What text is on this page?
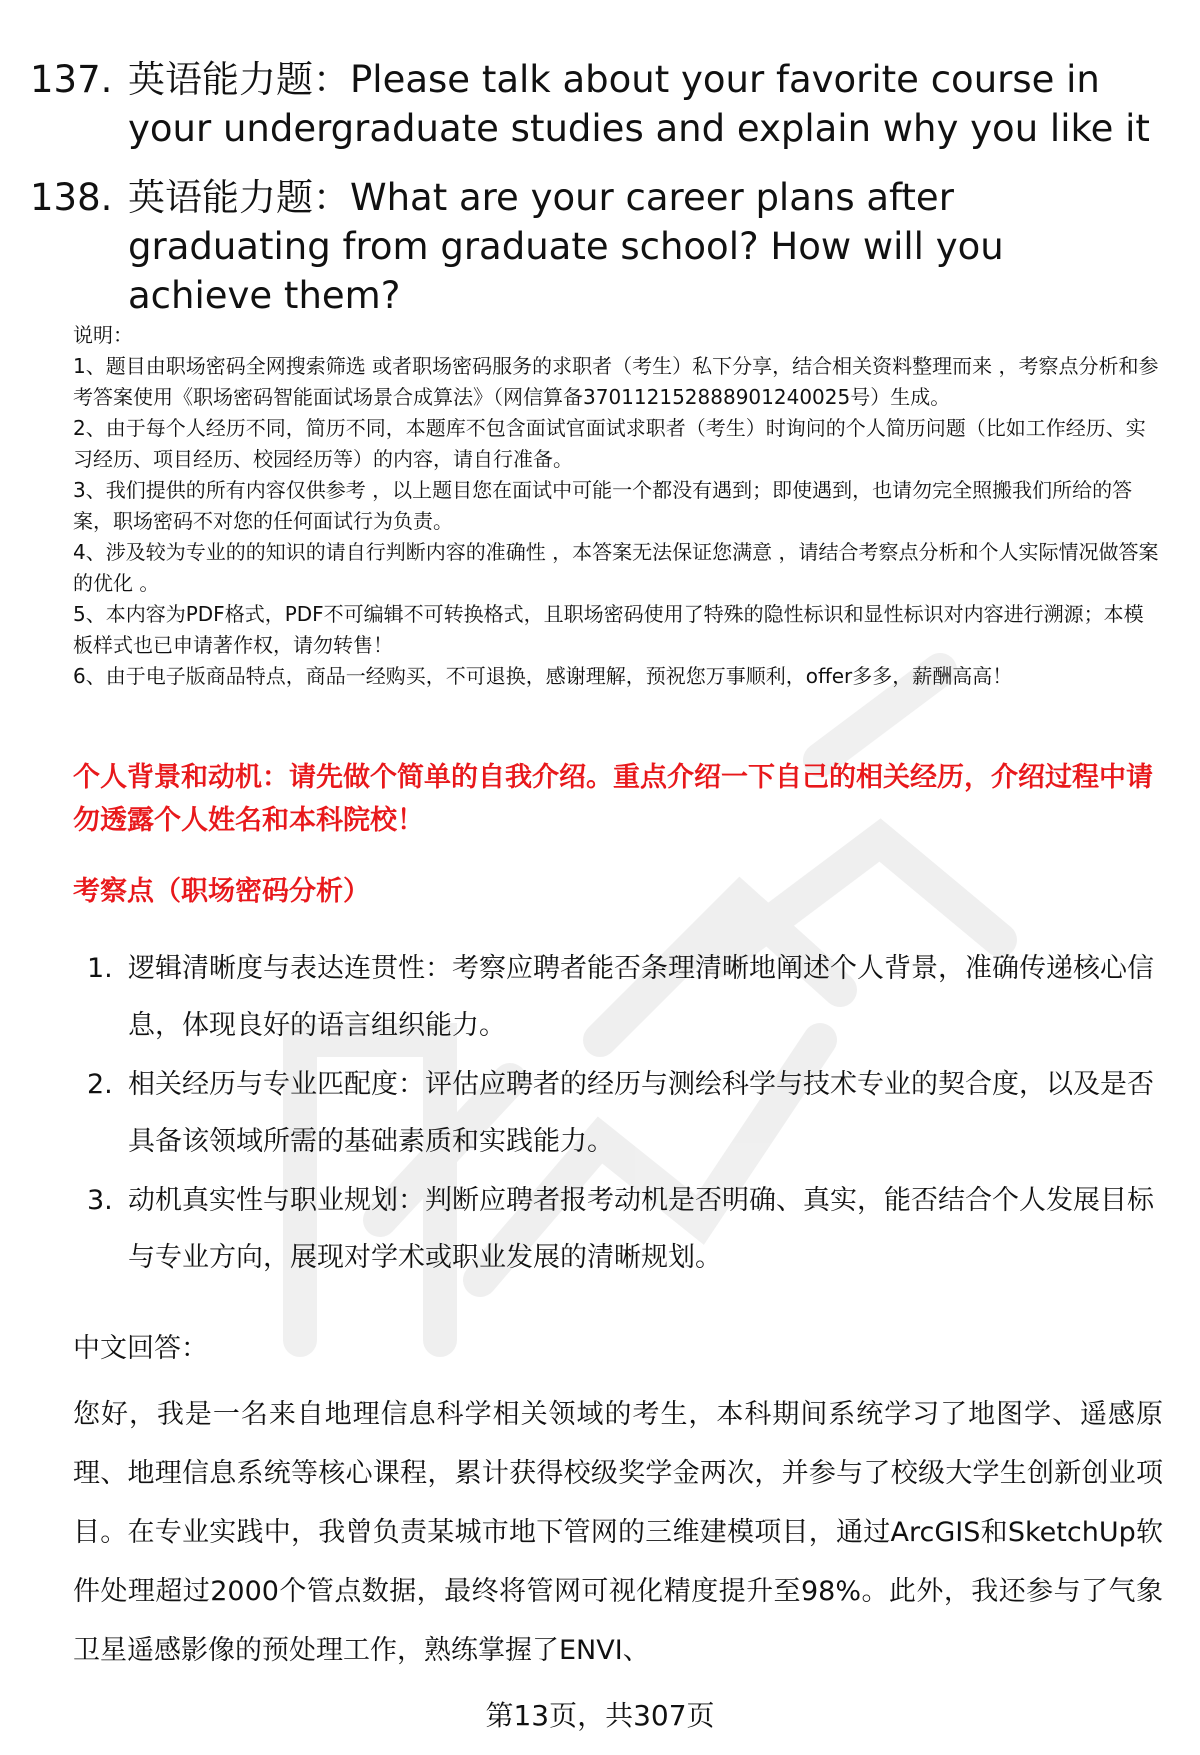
137. 英语能力题：Please talk about your favorite course in your undergraduate studies and explain why you like it
138. 英语能力题：What are your career plans after graduating from graduate school? How will you achieve them?
说明：
1、题目由职场密码全网搜索筛选 或者职场密码服务的求职者（考生）私下分享，结合相关资料整理而来 ，考察点分析和参考答案使用《职场密码智能面试场景合成算法》（网信算备370112152888901240025号）生成。
2、由于每个人经历不同，简历不同，本题库不包含面试官面试求职者（考生）时询问的个人简历问题（比如工作经历、实习经历、项目经历、校园经历等）的内容，请自行准备。
3、我们提供的所有内容仅供参考 ，以上题目您在面试中可能一个都没有遇到；即使遇到，也请勿完全照搬我们所给的答案，职场密码不对您的任何面试行为负责。
4、涉及较为专业的的知识的请自行判断内容的准确性 ，本答案无法保证您满意 ，请结合考察点分析和个人实际情况做答案的优化 。
5、本内容为PDF格式，PDF不可编辑不可转换格式，且职场密码使用了特殊的隐性标识和显性标识对内容进行溯源；本模板样式也已申请著作权，请勿转售！
6、由于电子版商品特点，商品一经购买，不可退换，感谢理解，预祝您万事顺利，offer多多，薪酬高高！
个人背景和动机：请先做个简单的自我介绍。重点介绍一下自己的相关经历，介绍过程中请勿透露个人姓名和本科院校！
考察点（职场密码分析）
1. 逻辑清晰度与表达连贯性：考察应聘者能否条理清晰地阐述个人背景，准确传递核心信息，体现良好的语言组织能力。
2. 相关经历与专业匹配度：评估应聘者的经历与测绘科学与技术专业的契合度，以及是否具备该领域所需的基础素质和实践能力。
3. 动机真实性与职业规划：判断应聘者报考动机是否明确、真实，能否结合个人发展目标与专业方向，展现对学术或职业发展的清晰规划。
中文回答：
您好，我是一名来自地理信息科学相关领域的考生，本科期间系统学习了地图学、遥感原理、地理信息系统等核心课程，累计获得校级奖学金两次，并参与了校级大学生创新创业项目。在专业实践中，我曾负责某城市地下管网的三维建模项目，通过ArcGIS和SketchUp软件处理超过2000个管点数据，最终将管网可视化精度提升至98%。此外，我还参与了气象卫星遥感影像的预处理工作，熟练掌握了ENVI、
第13页，共307页
